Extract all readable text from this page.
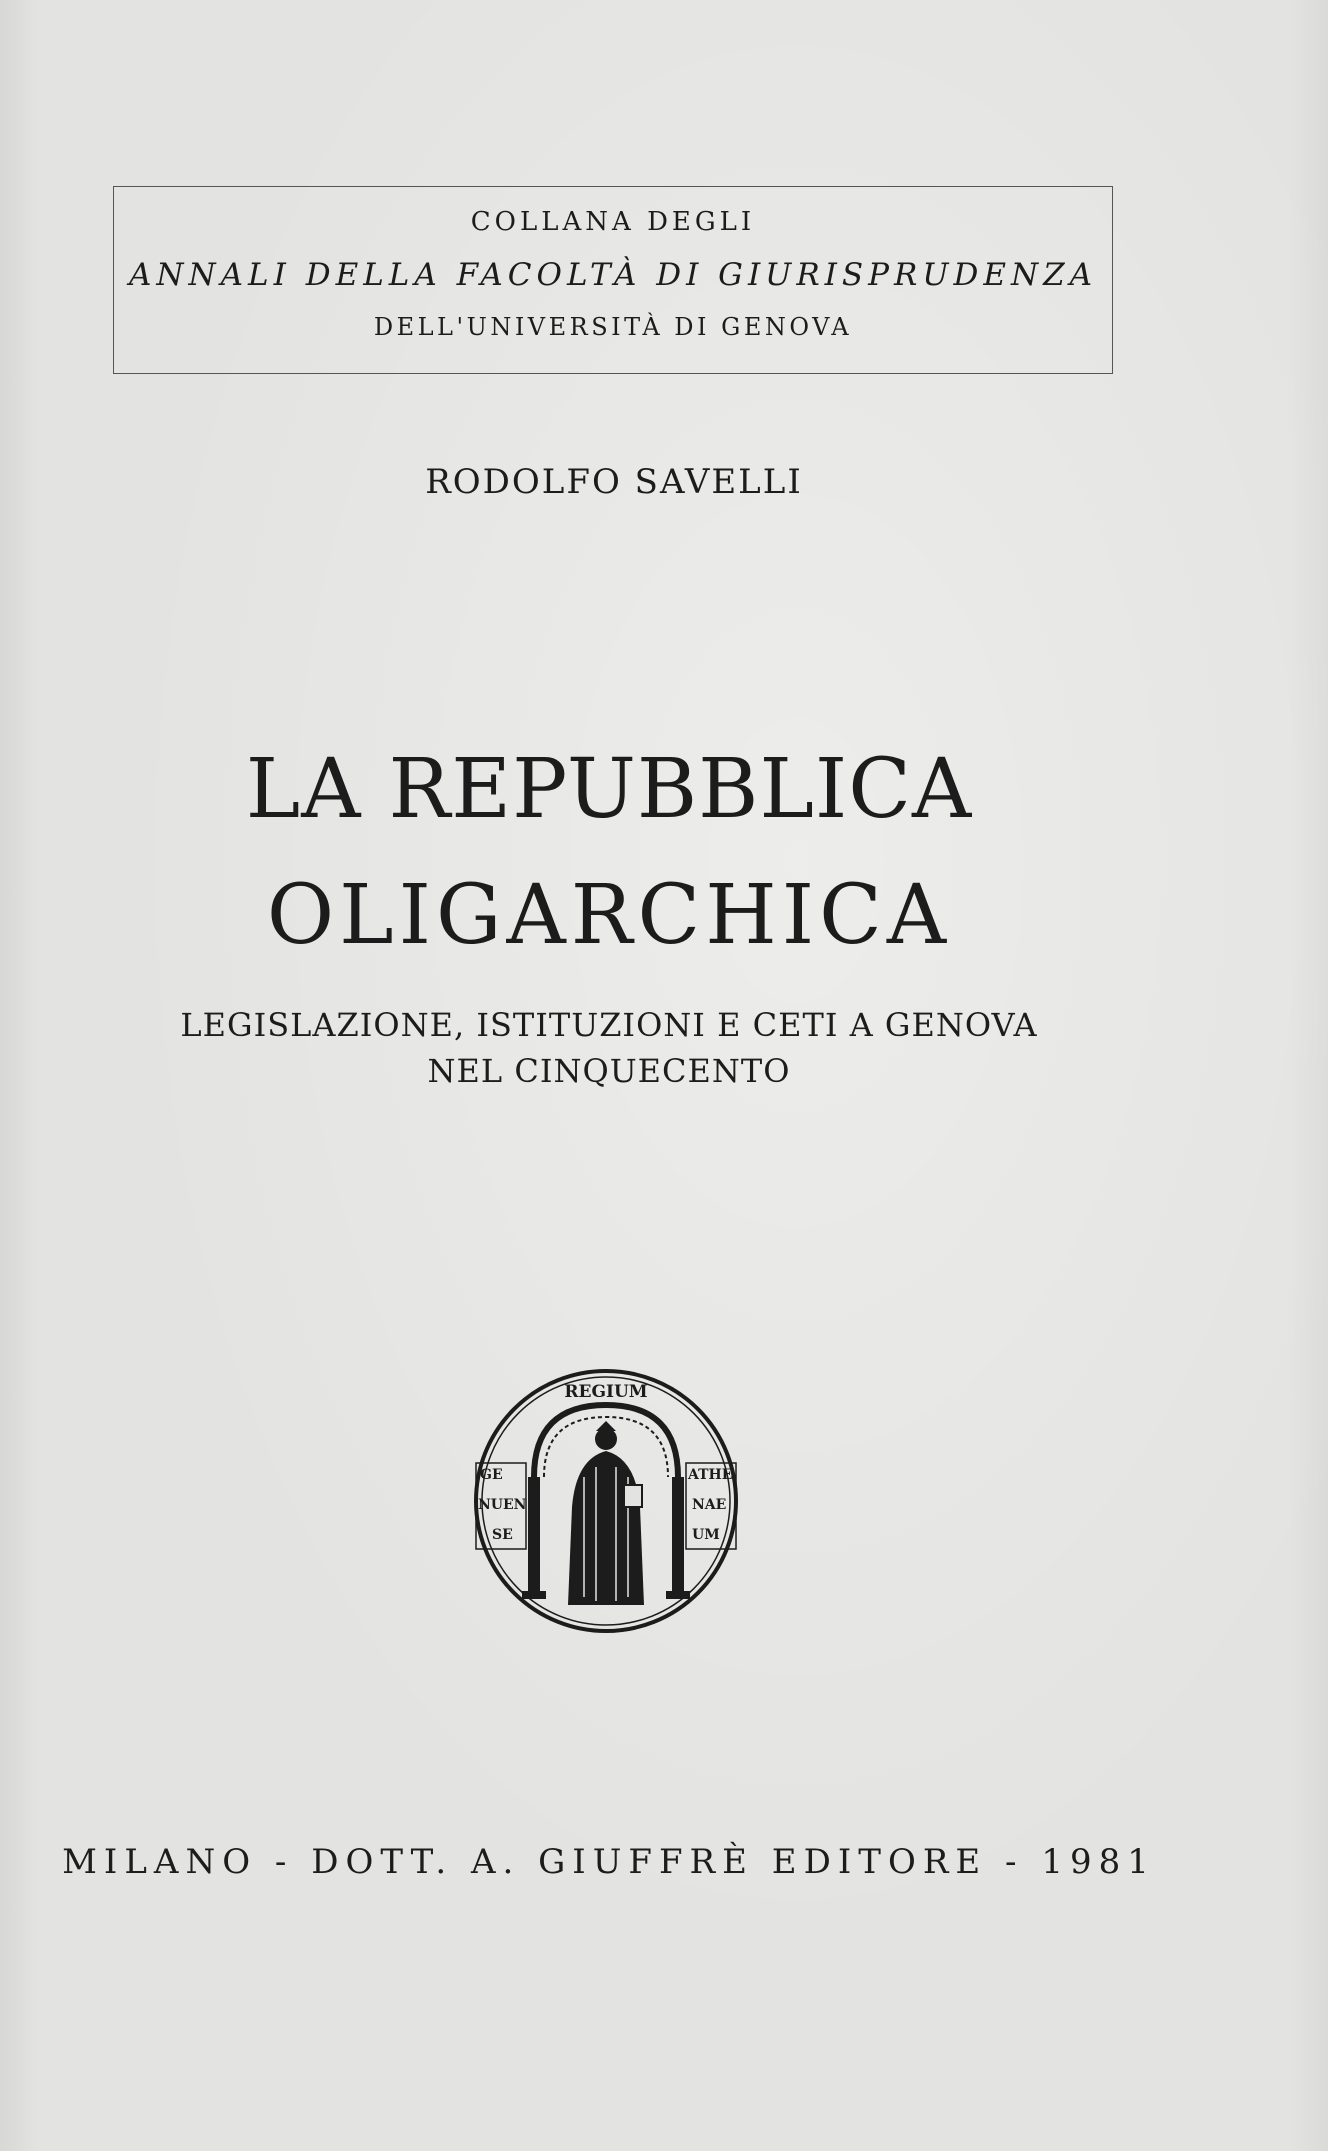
COLLANA DEGLI
ANNALI DELLA FACOLTÀ DI GIURISPRUDENZA
DELL'UNIVERSITÀ DI GENOVA
RODOLFO SAVELLI
LA REPUBBLICA
OLIGARCHICA
LEGISLAZIONE, ISTITUZIONI E CETI A GENOVA
NEL CINQUECENTO
REGIUM
GE
NUEN
SE
ATHE
NAE
UM
MILANO - DOTT. A. GIUFFRÈ EDITORE - 1981
